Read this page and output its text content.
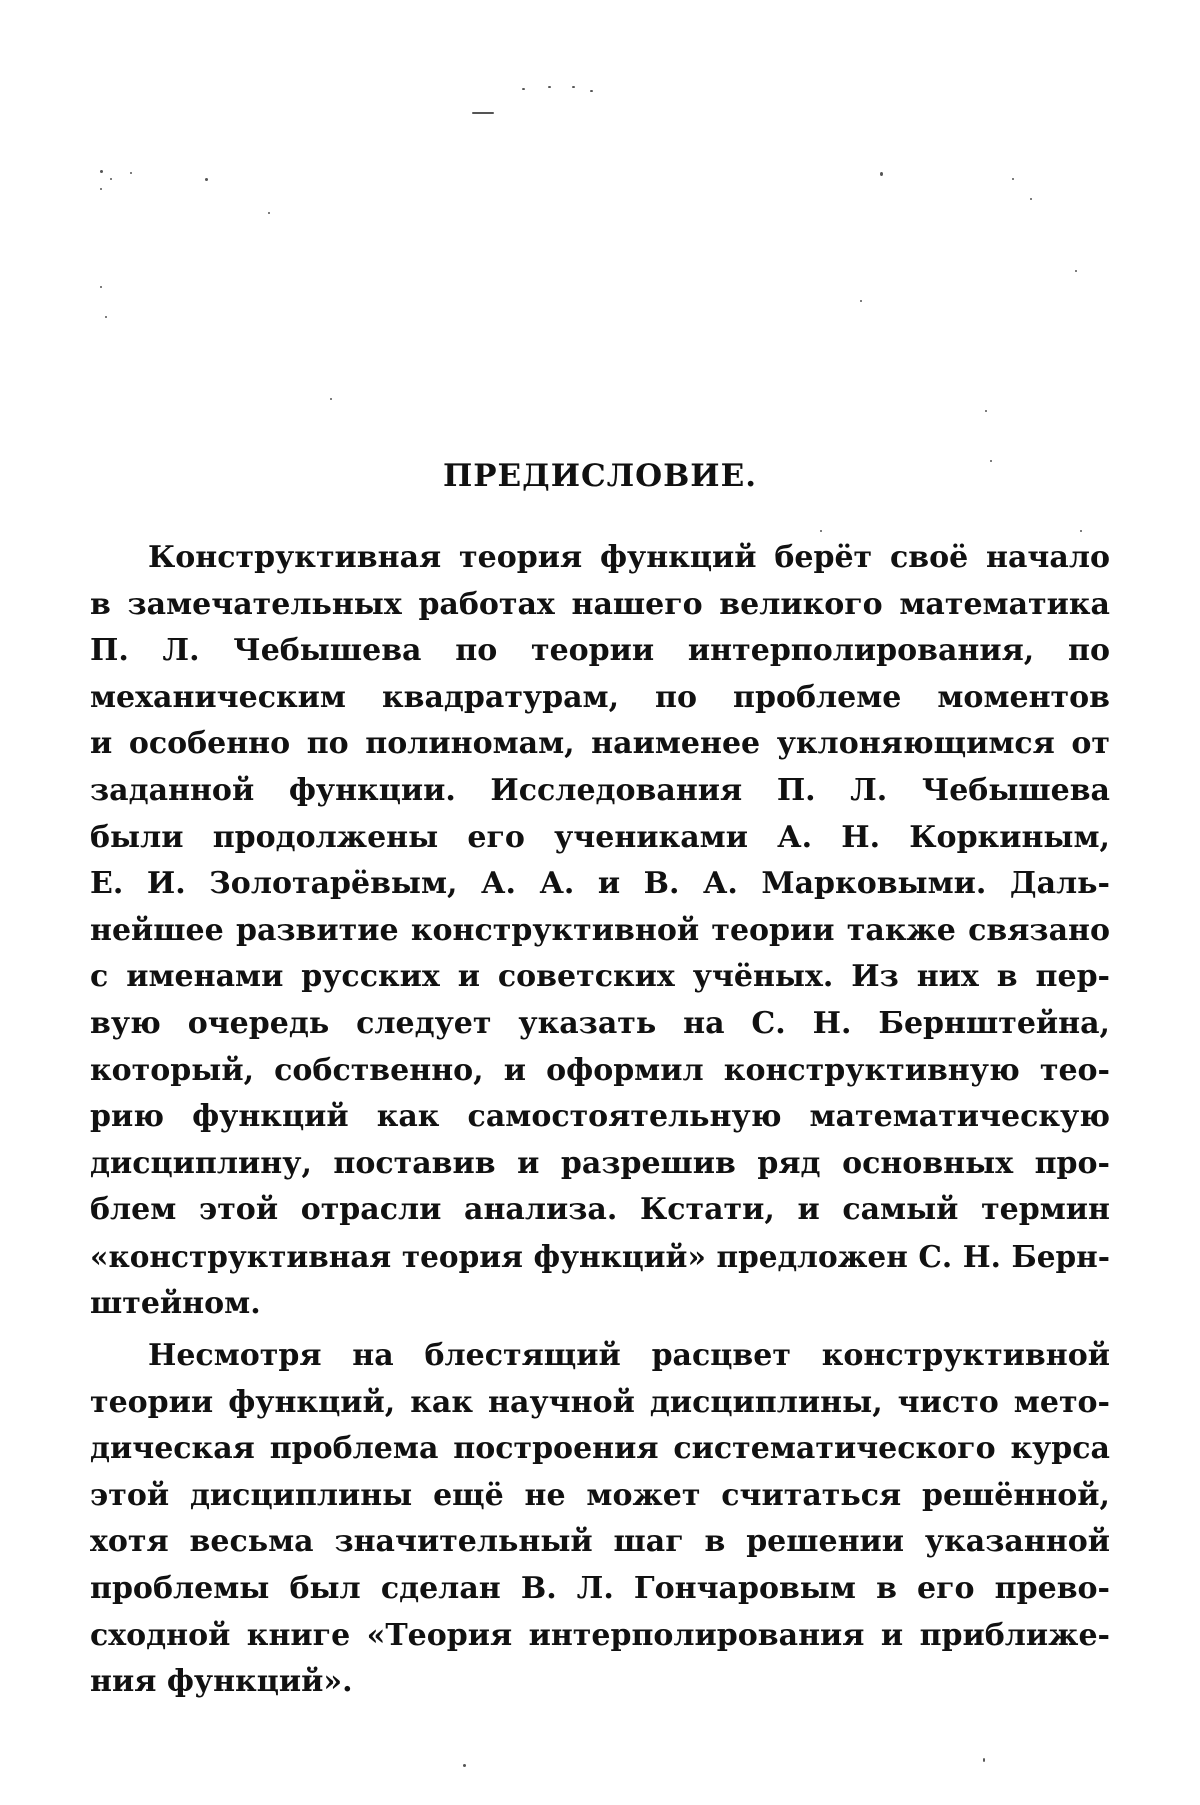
ПРЕДИСЛОВИЕ.
Конструктивная теория функций берёт своё начало
в замечательных работах нашего великого математика
П. Л. Чебышева по теории интерполирования, по
механическим квадратурам, по проблеме моментов
и особенно по полиномам, наименее уклоняющимся от
заданной функции. Исследования П. Л. Чебышева
были продолжены его учениками А. Н. Коркиным,
Е. И. Золотарёвым, А. А. и В. А. Марковыми. Даль-
нейшее развитие конструктивной теории также связано
с именами русских и советских учёных. Из них в пер-
вую очередь следует указать на С. Н. Бернштейна,
который, собственно, и оформил конструктивную тео-
рию функций как самостоятельную математическую
дисциплину, поставив и разрешив ряд основных про-
блем этой отрасли анализа. Кстати, и самый термин
«конструктивная теория функций» предложен С. Н. Берн-
штейном.
Несмотря на блестящий расцвет конструктивной
теории функций, как научной дисциплины, чисто мето-
дическая проблема построения систематического курса
этой дисциплины ещё не может считаться решённой,
хотя весьма значительный шаг в решении указанной
проблемы был сделан В. Л. Гончаровым в его прево-
сходной книге «Теория интерполирования и приближе-
ния функций».
